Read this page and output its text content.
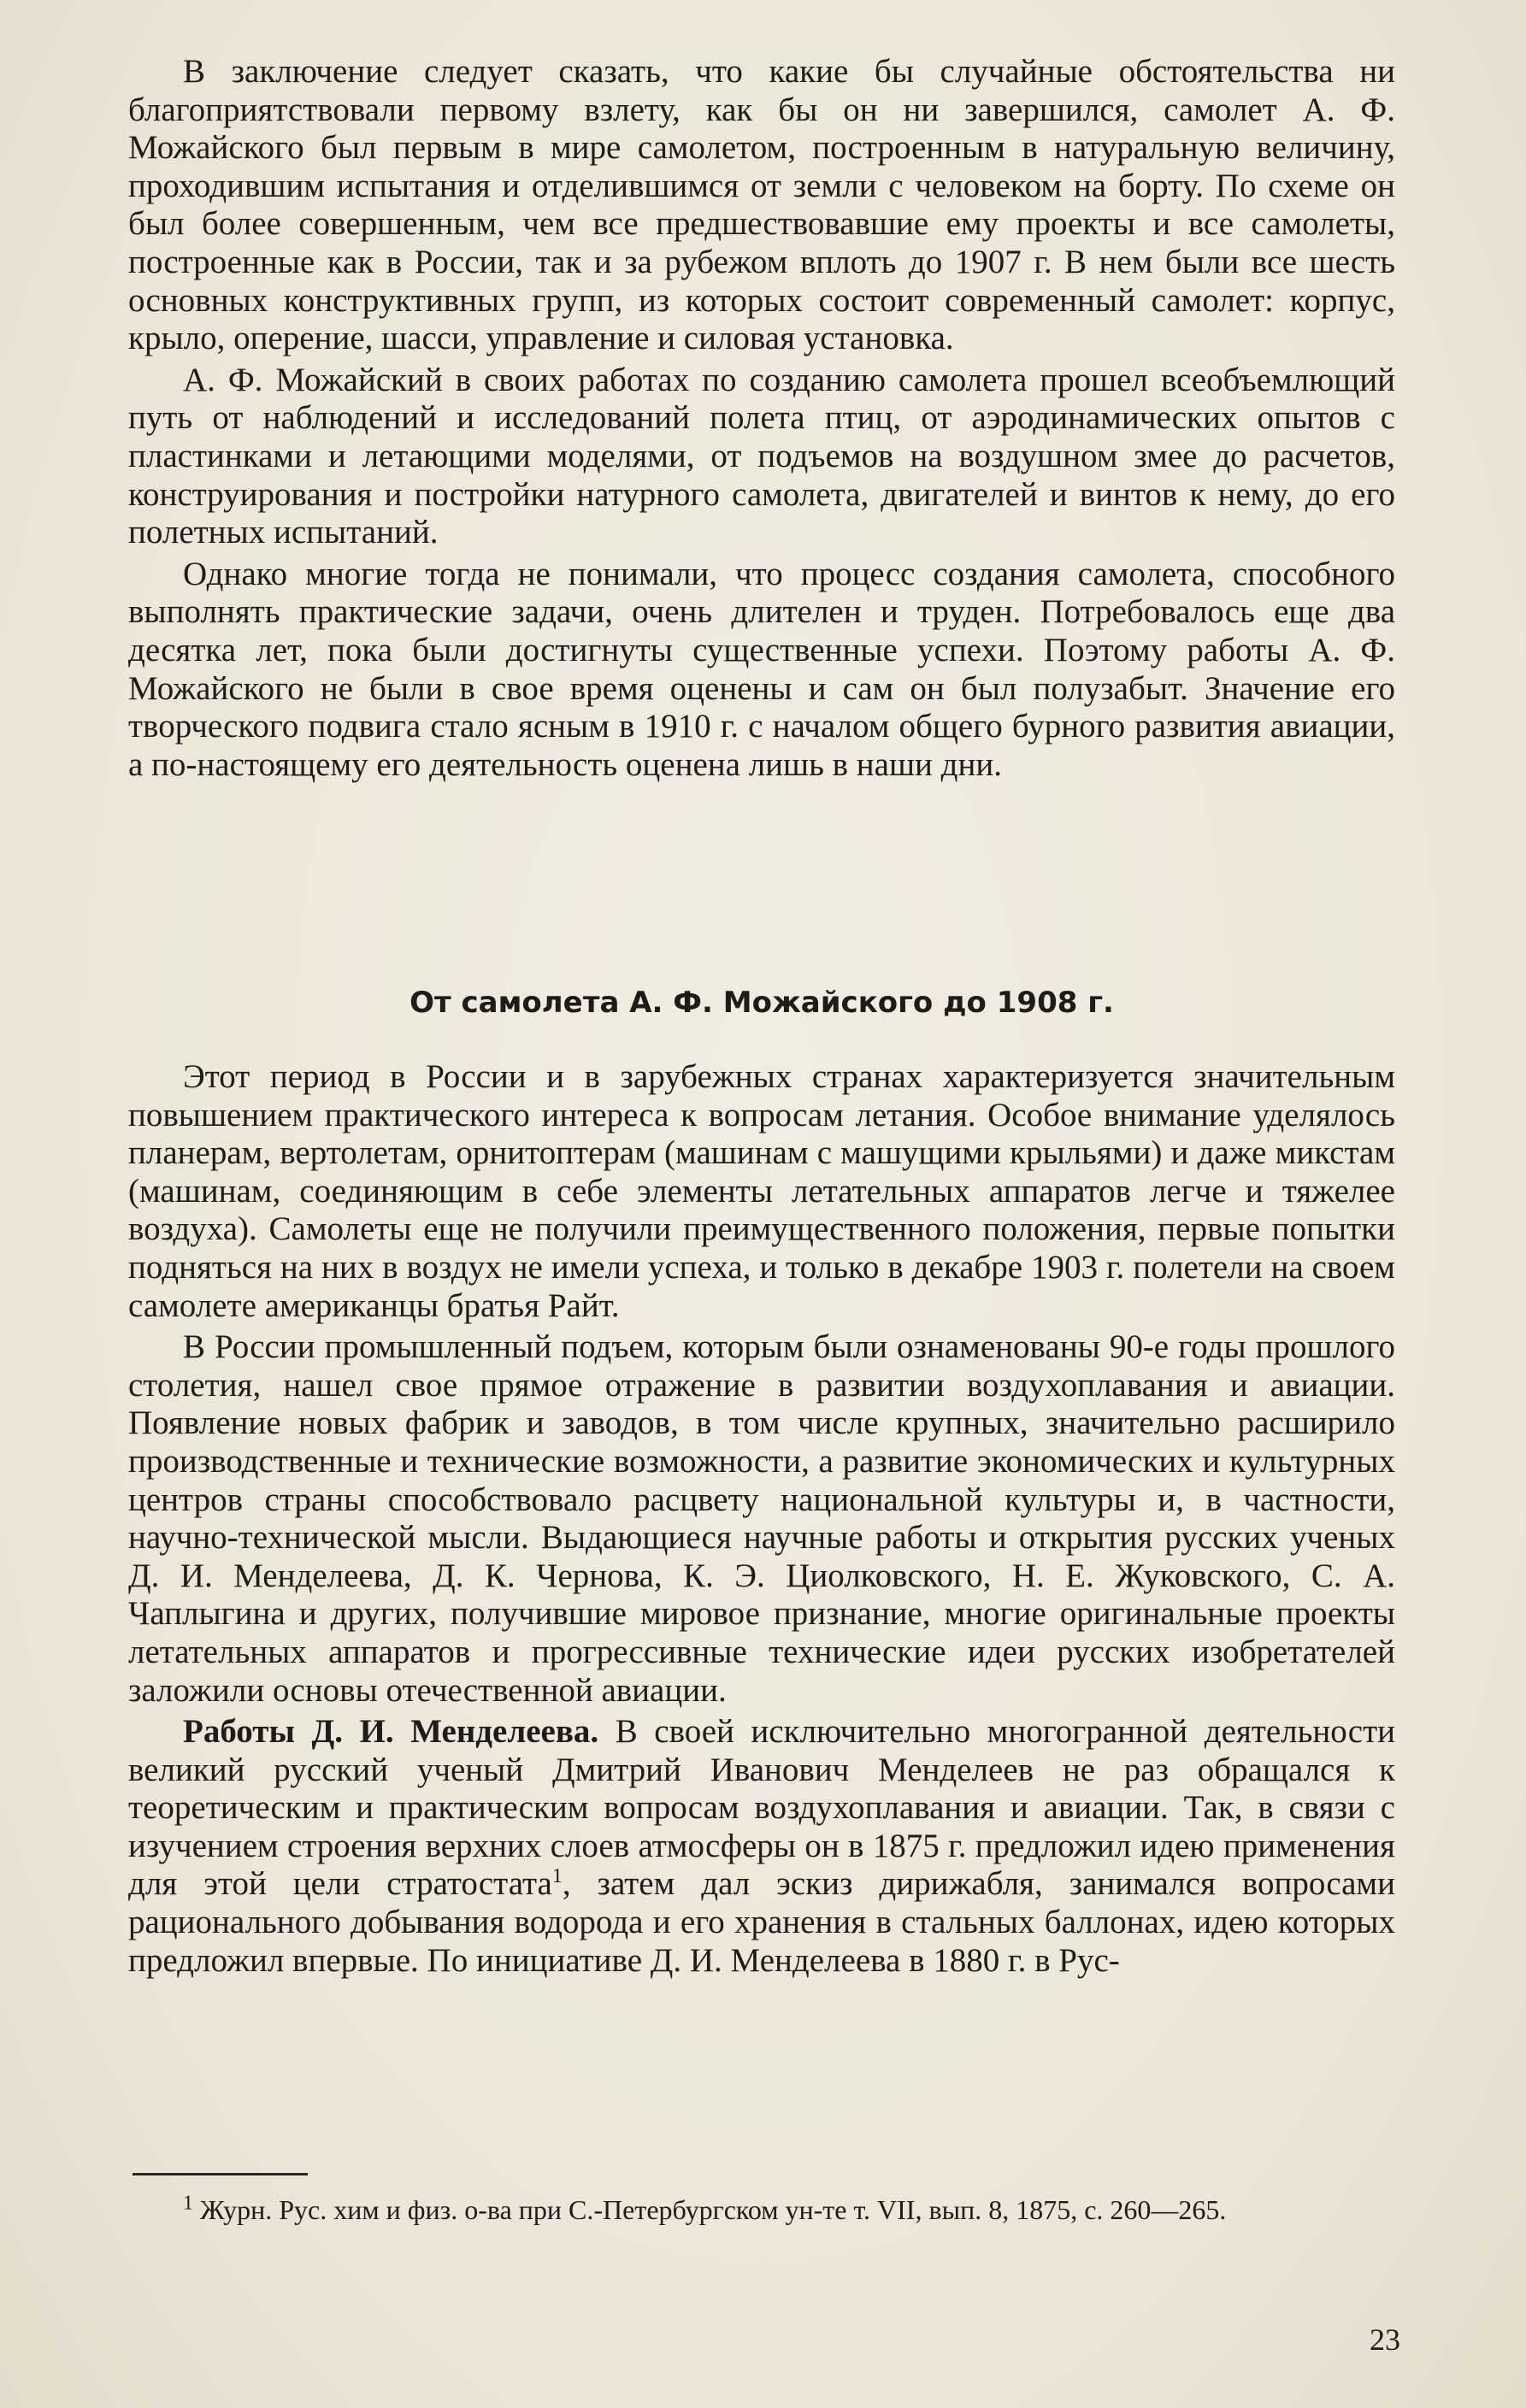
В заключение следует сказать, что какие бы случайные обстоятельства ни благоприятствовали первому взлету, как бы он ни завершился, самолет А. Ф. Можайского был первым в мире самолетом, построенным в натуральную величину, проходившим испытания и отделившимся от земли с человеком на борту. По схеме он был более совершенным, чем все предшествовавшие ему проекты и все самолеты, построенные как в России, так и за рубежом вплоть до 1907 г. В нем были все шесть основных конструктивных групп, из которых состоит современный самолет: корпус, крыло, оперение, шасси, управление и силовая установка.

А. Ф. Можайский в своих работах по созданию самолета прошел всеобъемлющий путь от наблюдений и исследований полета птиц, от аэродинамических опытов с пластинками и летающими моделями, от подъемов на воздушном змее до расчетов, конструирования и постройки натурного самолета, двигателей и винтов к нему, до его полетных испытаний.

Однако многие тогда не понимали, что процесс создания самолета, способного выполнять практические задачи, очень длителен и труден. Потребовалось еще два десятка лет, пока были достигнуты существенные успехи. Поэтому работы А. Ф. Можайского не были в свое время оценены и сам он был полузабыт. Значение его творческого подвига стало ясным в 1910 г. с началом общего бурного развития авиации, а по-настоящему его деятельность оценена лишь в наши дни.

От самолета А. Ф. Можайского до 1908 г.

Этот период в России и в зарубежных странах характеризуется значительным повышением практического интереса к вопросам летания. Особое внимание уделялось планерам, вертолетам, орнитоптерам (машинам с машущими крыльями) и даже микстам (машинам, соединяющим в себе элементы летательных аппаратов легче и тяжелее воздуха). Самолеты еще не получили преимущественного положения, первые попытки подняться на них в воздух не имели успеха, и только в декабре 1903 г. полетели на своем самолете американцы братья Райт.

В России промышленный подъем, которым были ознаменованы 90-е годы прошлого столетия, нашел свое прямое отражение в развитии воздухоплавания и авиации. Появление новых фабрик и заводов, в том числе крупных, значительно расширило производственные и технические возможности, а развитие экономических и культурных центров страны способствовало расцвету национальной культуры и, в частности, научно-технической мысли. Выдающиеся научные работы и открытия русских ученых Д. И. Менделеева, Д. К. Чернова, К. Э. Циолковского, Н. Е. Жуковского, С. А. Чаплыгина и других, получившие мировое признание, многие оригинальные проекты летательных аппаратов и прогрессивные технические идеи русских изобретателей заложили основы отечественной авиации.

Работы Д. И. Менделеева. В своей исключительно многогранной деятельности великий русский ученый Дмитрий Иванович Менделеев не раз обращался к теоретическим и практическим вопросам воздухоплавания и авиации. Так, в связи с изучением строения верхних слоев атмосферы он в 1875 г. предложил идею применения для этой цели стратостата$^1$, затем дал эскиз дирижабля, занимался вопросами рационального добывания водорода и его хранения в стальных баллонах, идею которых предложил впервые. По инициативе Д. И. Менделеева в 1880 г. в Рус-

$^1$ Журн. Рус. хим и физ. о-ва при С.-Петербургском ун-те т. VII, вып. 8, 1875, с. 260—265.

23
